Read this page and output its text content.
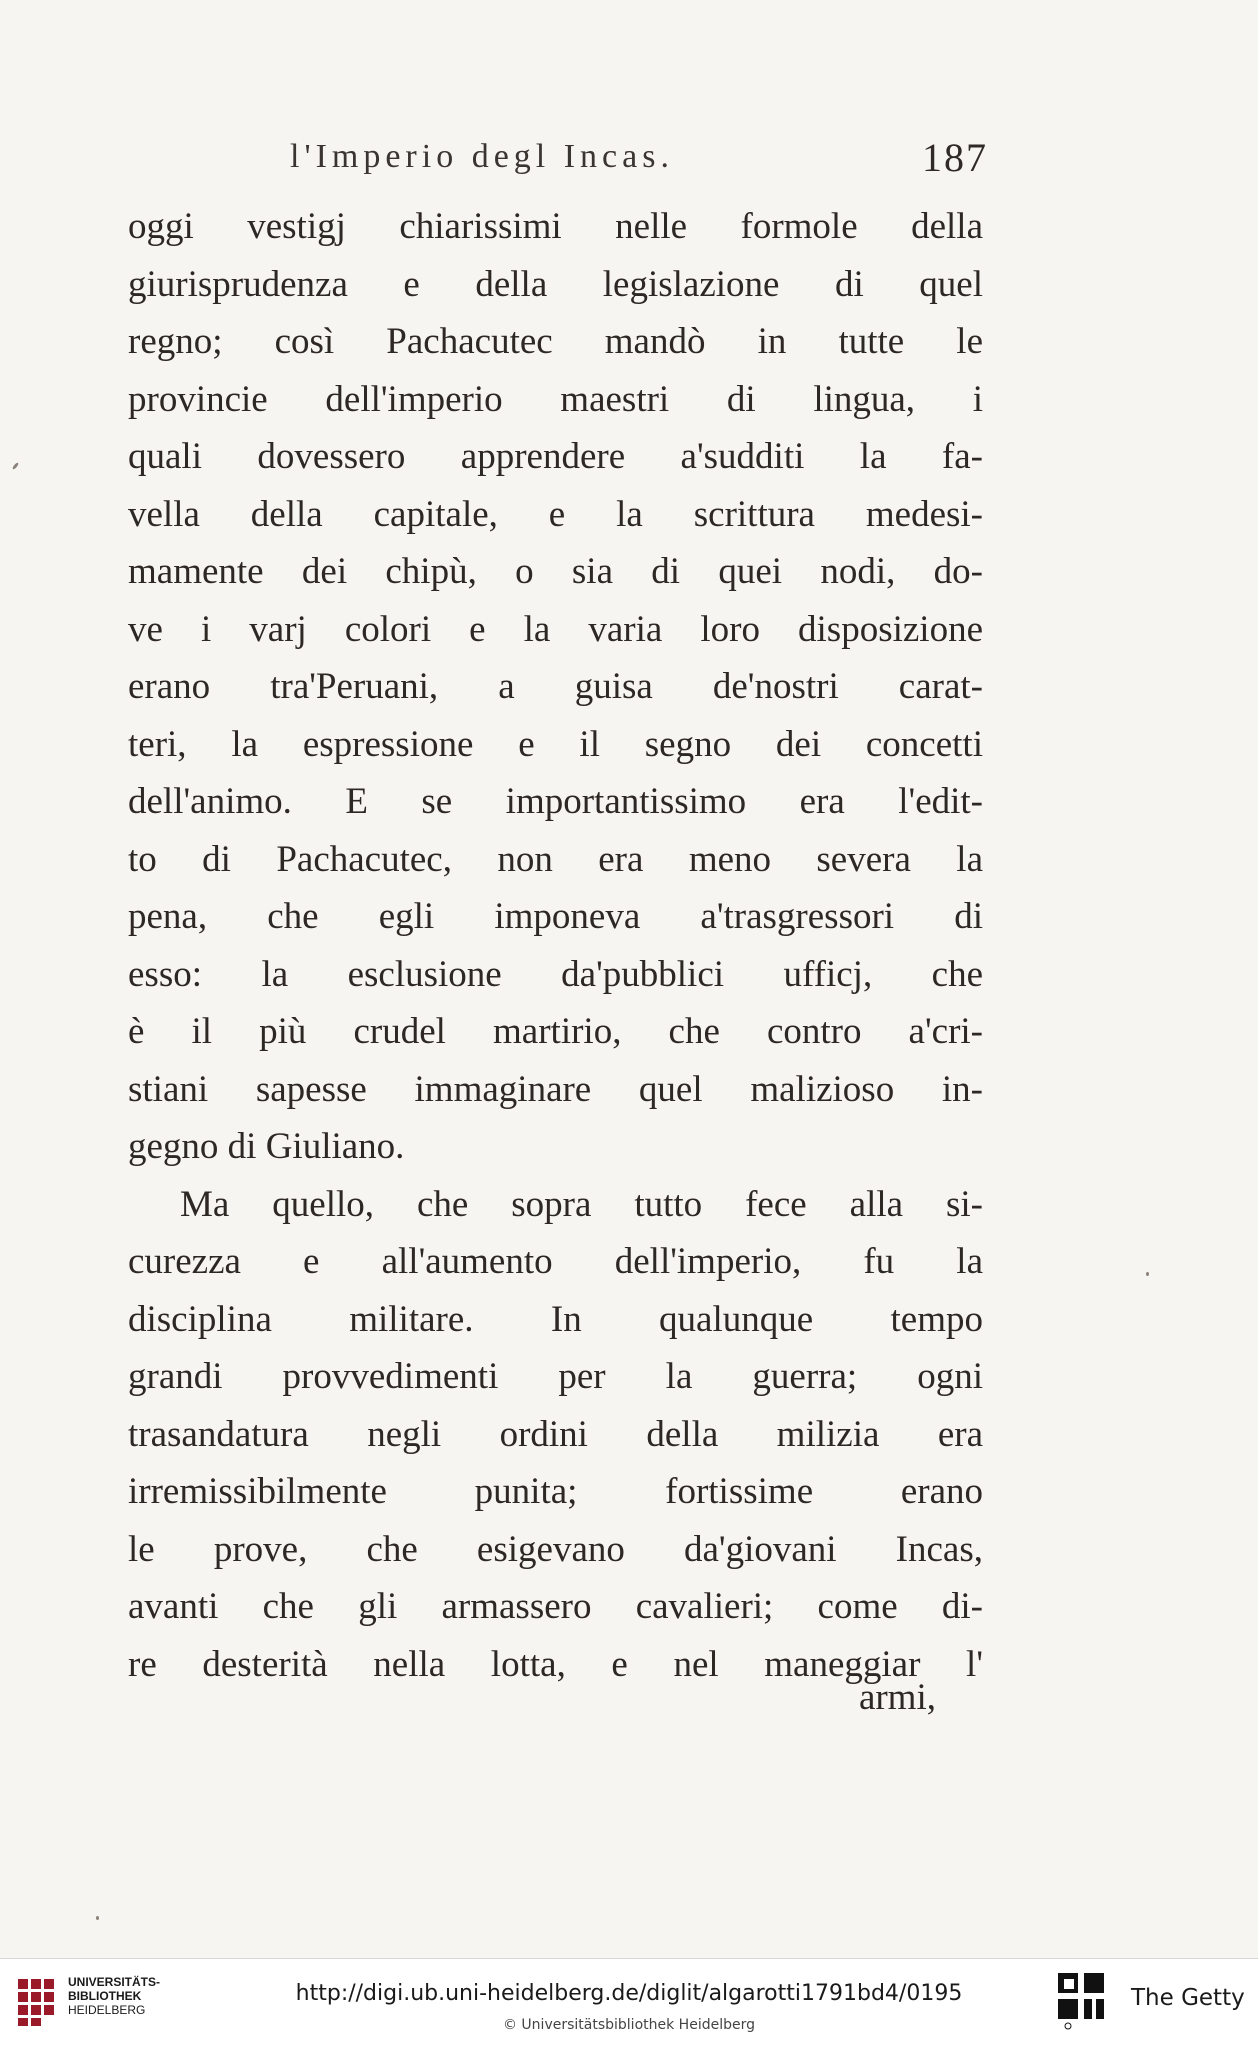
l'Imperio degl Incas.	187
oggi vestigj chiarissimi nelle formole della
giurisprudenza e della legislazione di quel
regno; così Pachacutec mandò in tutte le
provincie dell'imperio maestri di lingua, i
quali dovessero apprendere a'sudditi la fa-
vella della capitale, e la scrittura medesi-
mamente dei chipù, o sia di quei nodi, do-
ve i varj colori e la varia loro disposizione
erano tra'Peruani, a guisa de'nostri carat-
teri, la espressione e il segno dei concetti
dell'animo. E se importantissimo era l'edit-
to di Pachacutec, non era meno severa la
pena, che egli imponeva a'trasgressori di
esso: la esclusione da'pubblici ufficj, che
è il più crudel martirio, che contro a'cri-
stiani sapesse immaginare quel malizioso in-
gegno di Giuliano.
Ma quello, che sopra tutto fece alla si-
curezza e all'aumento dell'imperio, fu la
disciplina militare. In qualunque tempo
grandi provvedimenti per la guerra; ogni
trasandatura negli ordini della milizia era
irremissibilmente punita; fortissime erano
le prove, che esigevano da'giovani Incas,
avanti che gli armassero cavalieri; come di-
re desterità nella lotta, e nel maneggiar l'
armi,
UNIVERSITÄTS-
BIBLIOTHEK
HEIDELBERG
http://digi.ub.uni-heidelberg.de/diglit/algarotti1791bd4/0195
© Universitätsbibliothek Heidelberg
The Getty
